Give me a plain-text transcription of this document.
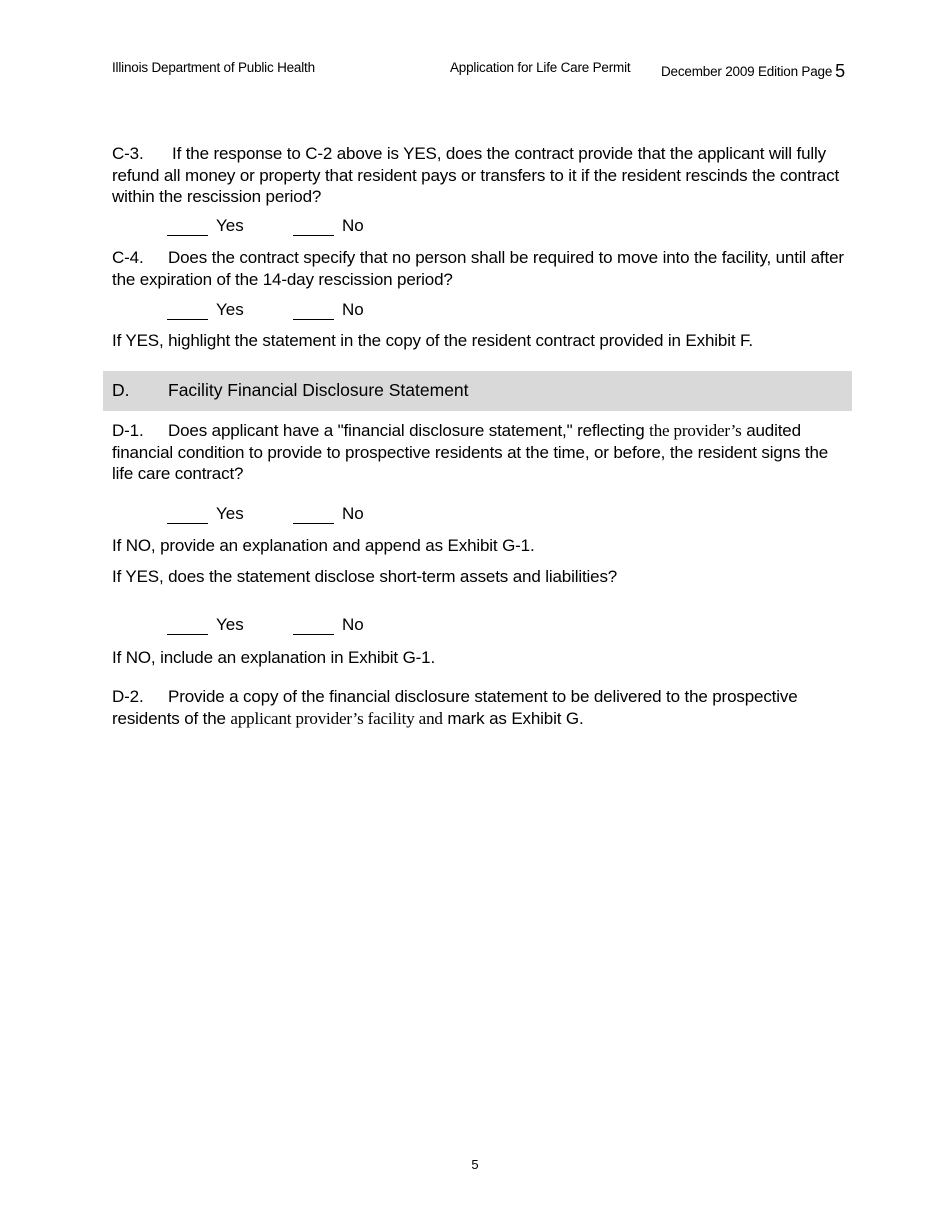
Illinois Department of Public Health	Application for Life Care Permit December 2009 Edition Page 5
C-3. If the response to C-2 above is YES, does the contract provide that the applicant will fully refund all money or property that resident pays or transfers to it if the resident rescinds the contract within the rescission period?
Yes	No
C-4. Does the contract specify that no person shall be required to move into the facility, until after the expiration of the 14-day rescission period?
Yes	No
If YES, highlight the statement in the copy of the resident contract provided in Exhibit F.
D. Facility Financial Disclosure Statement
D-1. Does applicant have a "financial disclosure statement," reflecting the provider’s audited financial condition to provide to prospective residents at the time, or before, the resident signs the life care contract?
Yes	No
If NO, provide an explanation and append as Exhibit G-1.
If YES, does the statement disclose short-term assets and liabilities?
Yes	No
If NO, include an explanation in Exhibit G-1.
D-2. Provide a copy of the financial disclosure statement to be delivered to the prospective residents of the applicant provider’s facility and mark as Exhibit G.
5
